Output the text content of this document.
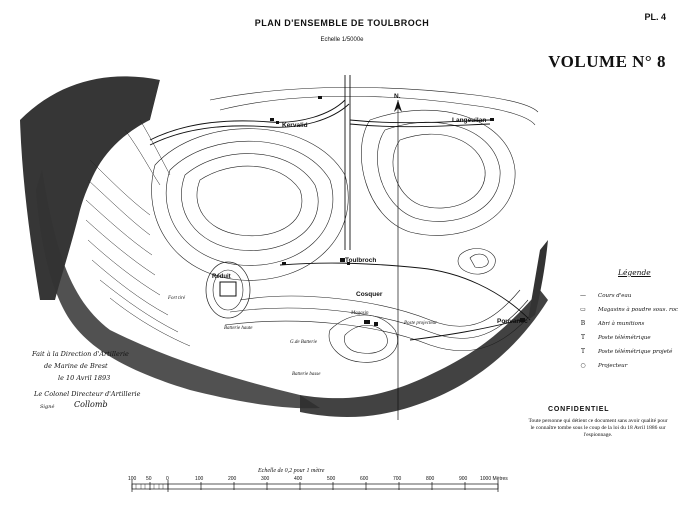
PLAN D'ENSEMBLE DE TOULBROCH
PL. 4
Echelle 1/5000e
VOLUME N° 8
Kervalid
Langeuilan
Toulbroch
Cosquer
Réduit
Pouvanec
N.
Poste projecteur
Magasin
G.de Batterie
Fort tiré
Batterie haute
Batterie basse
Fait à la Direction d'Artillerie
de Marine de Brest
le 10 Avril 1893
Le Colonel Directeur d'Artillerie
Signé Collomb
Légende
—	Cours d'eau
▭	Magasins à poudre sous. roc
B	Abri à munitions
T	Poste télémétrique
T	Poste télémétrique projeté
○	Projecteur
CONFIDENTIEL
Toute personne qui détient ce document sans avoir qualité pour le connaître tombe sous le coup de la loi du 18 Avril 1886 sur l'espionnage.
Echelle de 0,2 pour 1 mètre
100 50	0	100	200	300	400	500	600	700	800	900	1000 Mètres
